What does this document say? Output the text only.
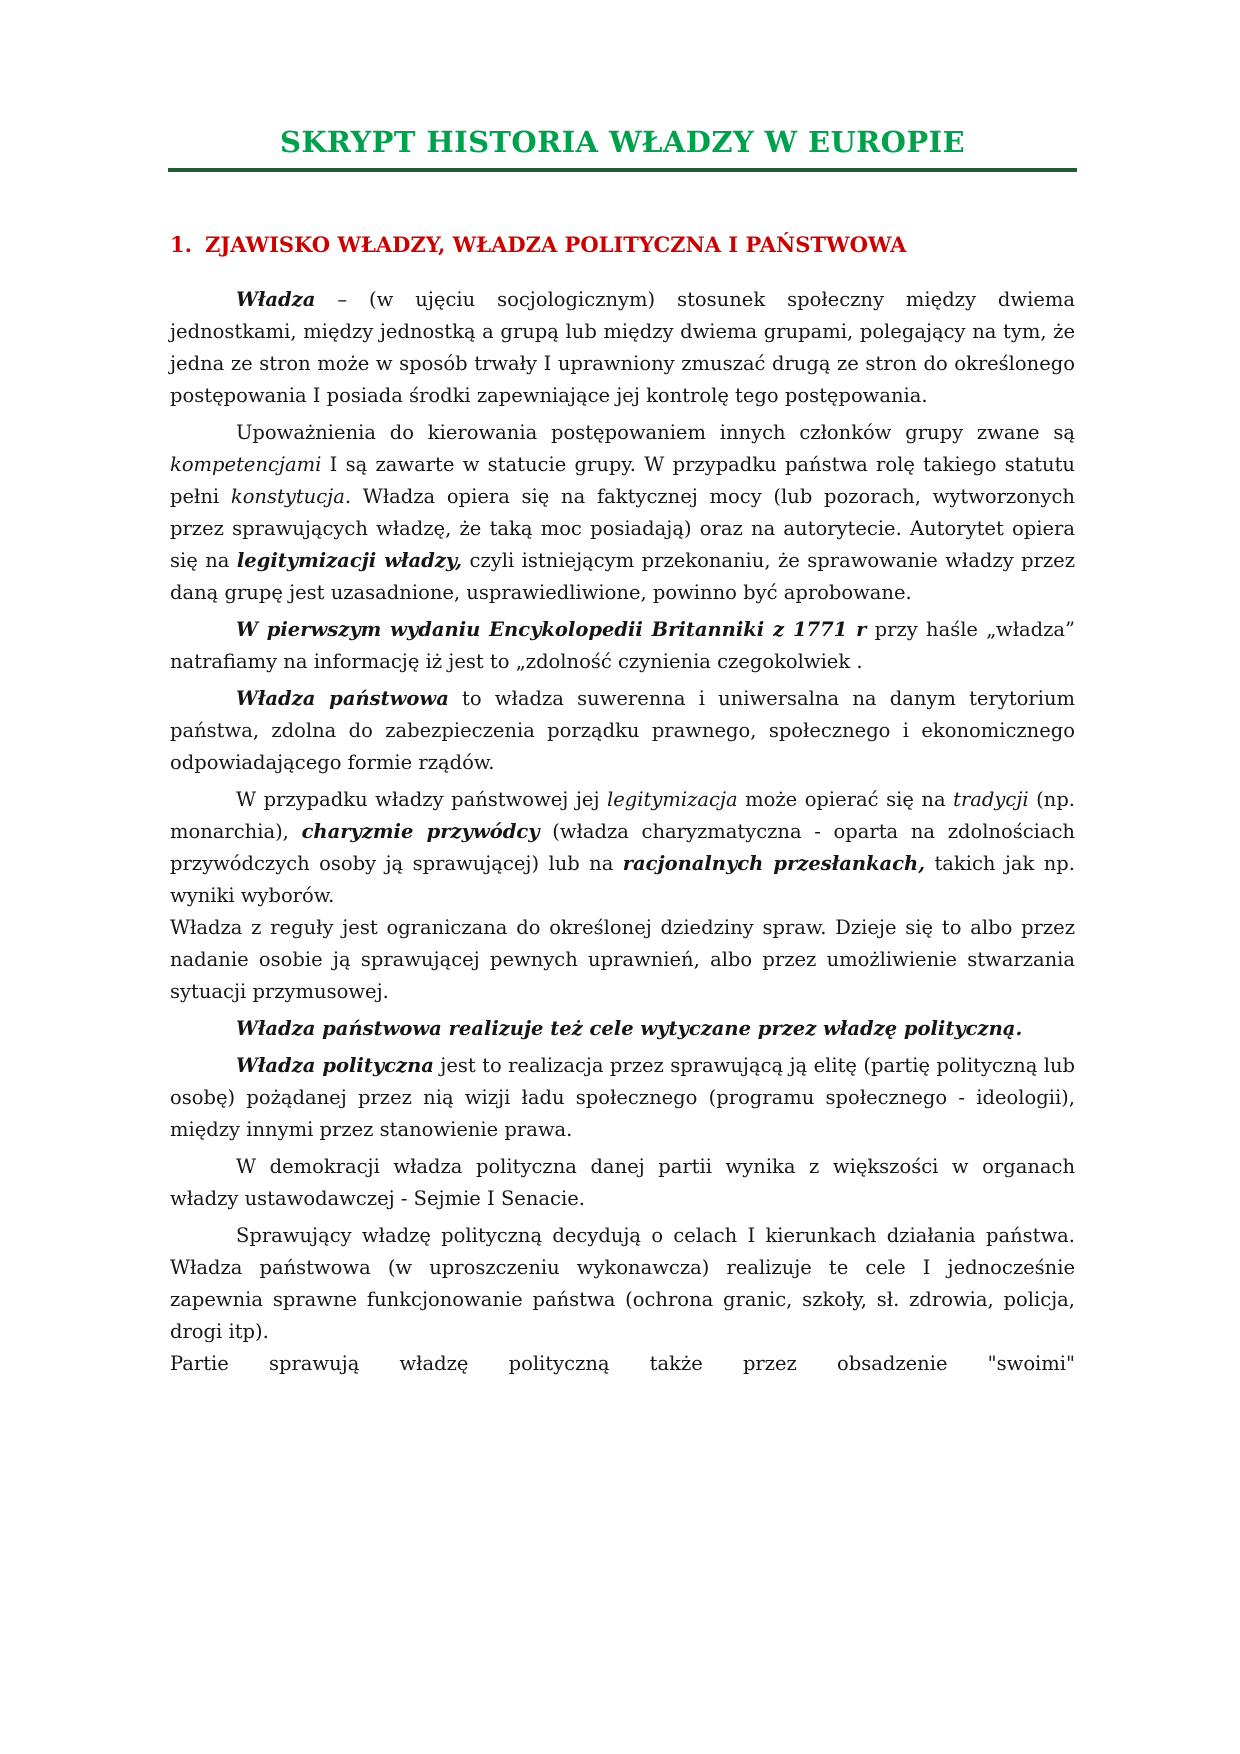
SKRYPT HISTORIA WŁADZY W EUROPIE
1. ZJAWISKO WŁADZY, WŁADZA POLITYCZNA I PAŃSTWOWA

Władza – (w ujęciu socjologicznym) stosunek społeczny między dwiema jednostkami, między jednostką a grupą lub między dwiema grupami, polegający na tym, że jedna ze stron może w sposób trwały I uprawniony zmuszać drugą ze stron do określonego postępowania I posiada środki zapewniające jej kontrolę tego postępowania.

Upoważnienia do kierowania postępowaniem innych członków grupy zwane są kompetencjami I są zawarte w statucie grupy. W przypadku państwa rolę takiego statutu pełni konstytucja. Władza opiera się na faktycznej mocy (lub pozorach, wytworzonych przez sprawujących władzę, że taką moc posiadają) oraz na autorytecie. Autorytet opiera się na legitymizacji władzy, czyli istniejącym przekonaniu, że sprawowanie władzy przez daną grupę jest uzasadnione, usprawiedliwione, powinno być aprobowane.

W pierwszym wydaniu Encykolopedii Britanniki z 1771 r przy haśle „władza” natrafiamy na informację iż jest to „zdolność czynienia czegokolwiek .

Władza państwowa to władza suwerenna i uniwersalna na danym terytorium państwa, zdolna do zabezpieczenia porządku prawnego, społecznego i ekonomicznego odpowiadającego formie rządów.

W przypadku władzy państwowej jej legitymizacja może opierać się na tradycji (np. monarchia), charyzmie przywódcy (władza charyzmatyczna - oparta na zdolnościach przywódczych osoby ją sprawującej) lub na racjonalnych przesłankach, takich jak np. wyniki wyborów.

Władza z reguły jest ograniczana do określonej dziedziny spraw. Dzieje się to albo przez nadanie osobie ją sprawującej pewnych uprawnień, albo przez umożliwienie stwarzania sytuacji przymusowej.

Władza państwowa realizuje też cele wytyczane przez władzę polityczną.

Władza polityczna jest to realizacja przez sprawującą ją elitę (partię polityczną lub osobę) pożądanej przez nią wizji ładu społecznego (programu społecznego - ideologii), między innymi przez stanowienie prawa.

W demokracji władza polityczna danej partii wynika z większości w organach władzy ustawodawczej - Sejmie I Senacie.

Sprawujący władzę polityczną decydują o celach I kierunkach działania państwa. Władza państwowa (w uproszczeniu wykonawcza) realizuje te cele I jednocześnie zapewnia sprawne funkcjonowanie państwa (ochrona granic, szkoły, sł. zdrowia, policja, drogi itp).

Partie sprawują władzę polityczną także przez obsadzenie "swoimi"
